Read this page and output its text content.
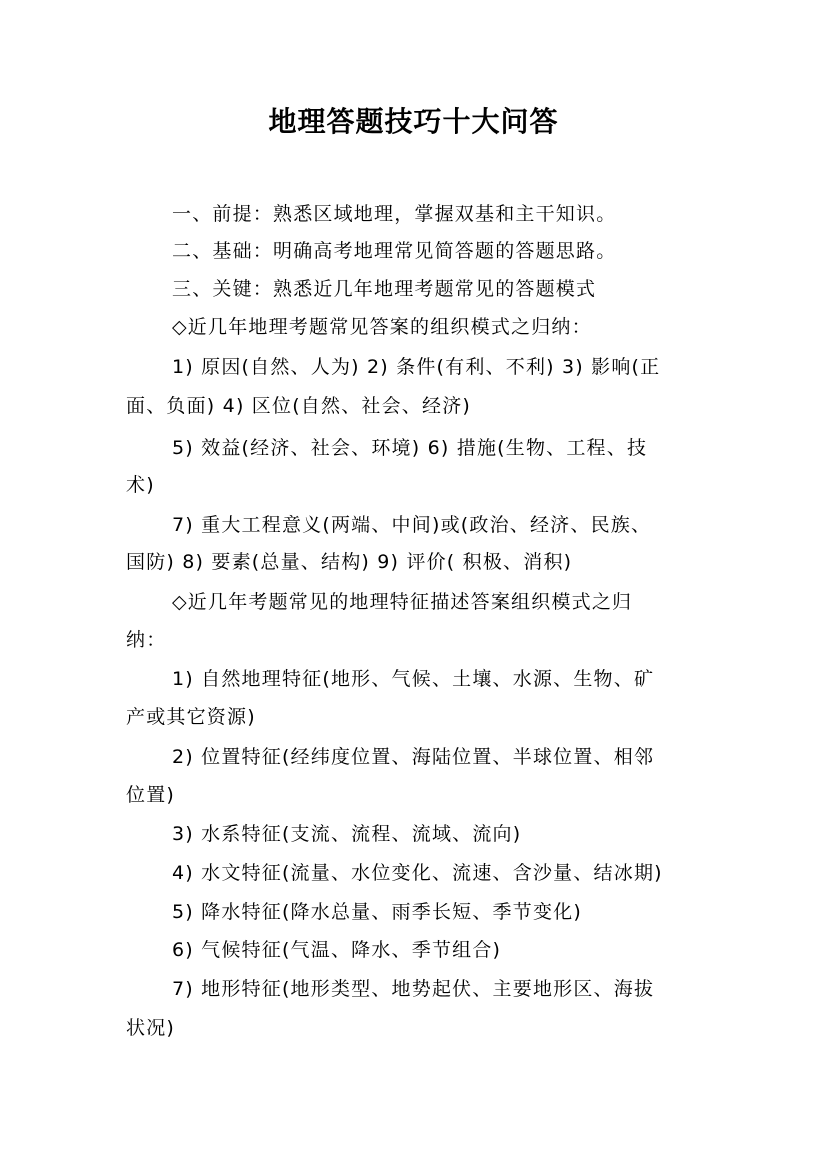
地理答题技巧十大问答
一、前提：熟悉区域地理，掌握双基和主干知识。
二、基础：明确高考地理常见简答题的答题思路。
三、关键：熟悉近几年地理考题常见的答题模式
◇近几年地理考题常见答案的组织模式之归纳：
1) 原因(自然、人为) 2) 条件(有利、不利) 3) 影响(正
面、负面) 4) 区位(自然、社会、经济)
5) 效益(经济、社会、环境) 6) 措施(生物、工程、技
术)
7) 重大工程意义(两端、中间)或(政治、经济、民族、
国防) 8) 要素(总量、结构) 9) 评价( 积极、消积)
◇近几年考题常见的地理特征描述答案组织模式之归
纳：
1) 自然地理特征(地形、气候、土壤、水源、生物、矿
产或其它资源)
2) 位置特征(经纬度位置、海陆位置、半球位置、相邻
位置)
3) 水系特征(支流、流程、流域、流向)
4) 水文特征(流量、水位变化、流速、含沙量、结冰期)
5) 降水特征(降水总量、雨季长短、季节变化)
6) 气候特征(气温、降水、季节组合)
7) 地形特征(地形类型、地势起伏、主要地形区、海拔
状况)
